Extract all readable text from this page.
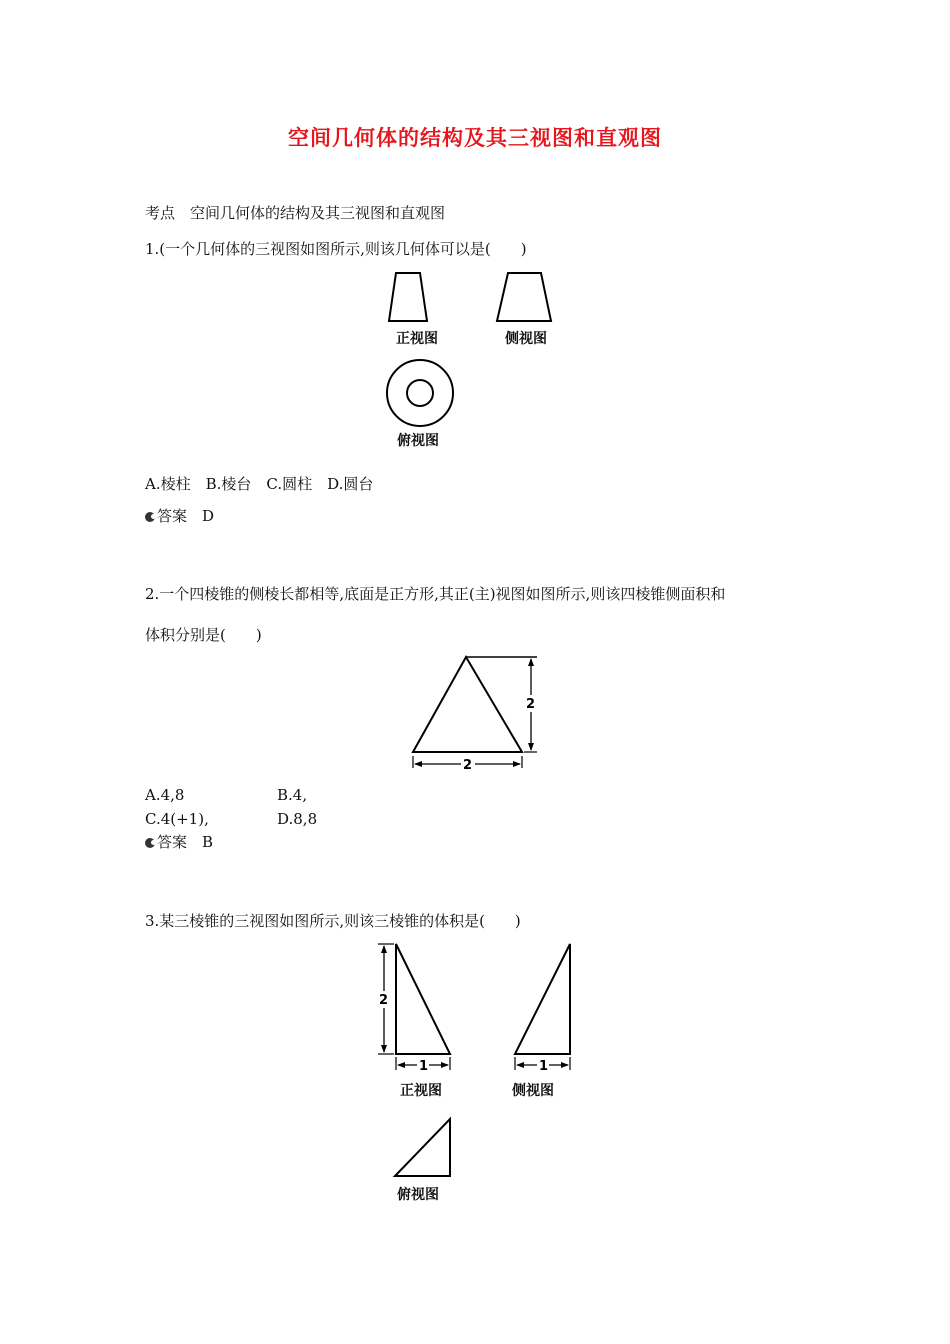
空间几何体的结构及其三视图和直观图
考点　空间几何体的结构及其三视图和直观图
1.(一个几何体的三视图如图所示,则该几何体可以是(　　)
正视图	侧视图
俯视图
A.棱柱　B.棱台　C.圆柱　D.圆台
答案　 D
2.一个四棱锥的侧棱长都相等,底面是正方形,其正(主)视图如图所示,则该四棱锥侧面积和
体积分别是(　　)
2
2
A.4,8	B.4,
C.4(+1),	D.8,8
答案　 B
3.某三棱锥的三视图如图所示,则该三棱锥的体积是(　　)
2
1
正视图
1
侧视图
俯视图
